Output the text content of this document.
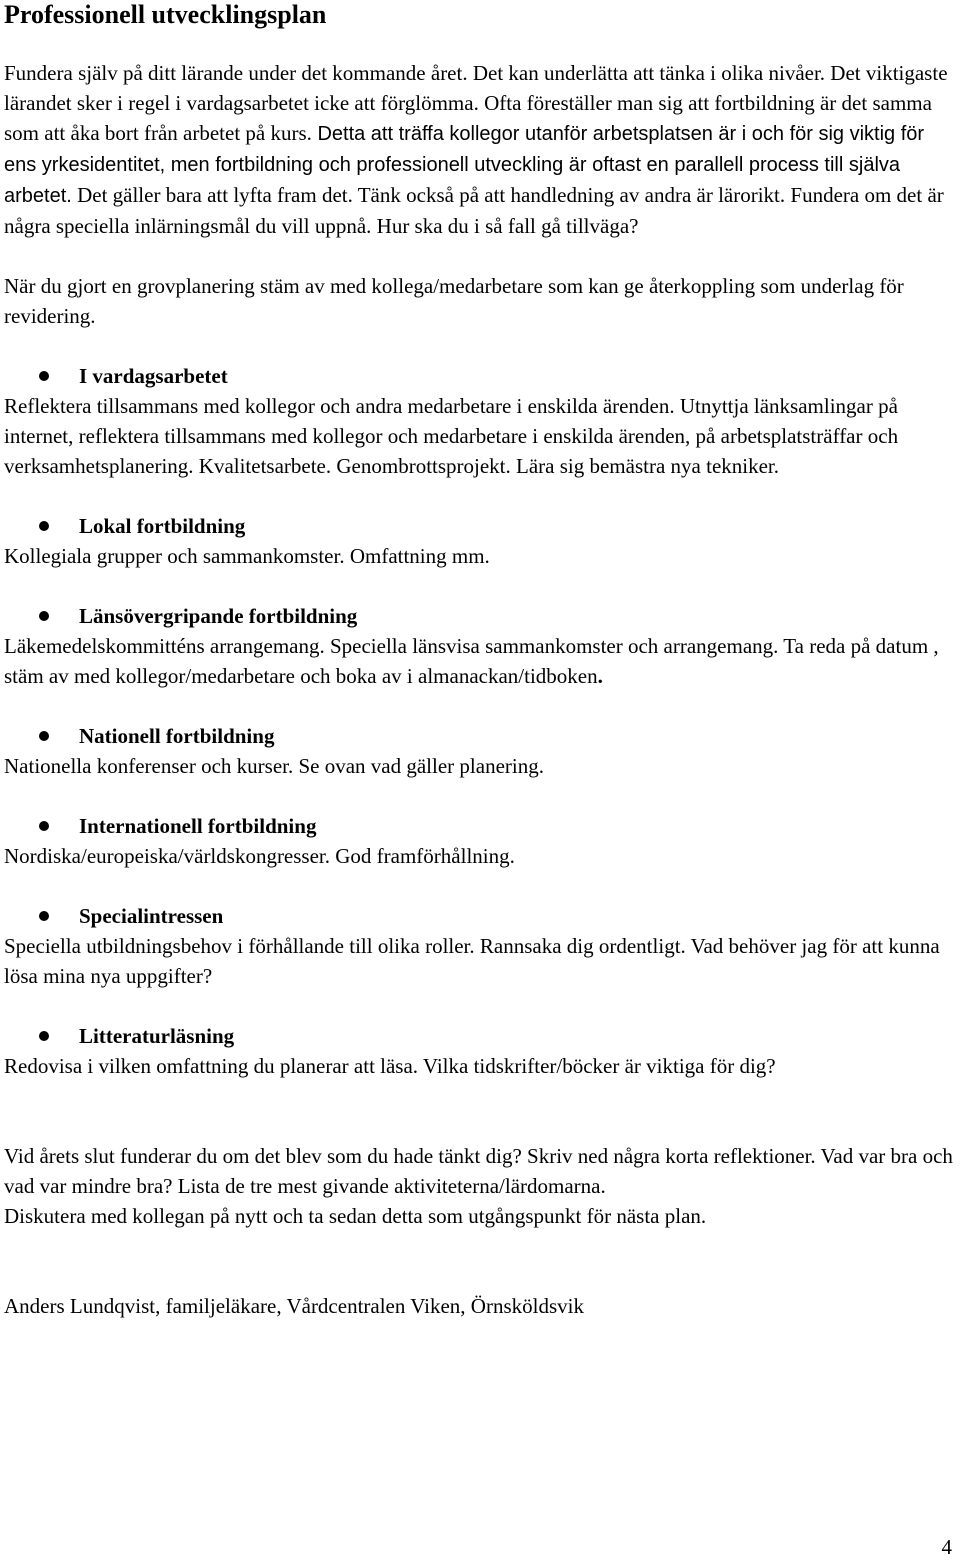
Professionell utvecklingsplan

Fundera själv på ditt lärande under det kommande året. Det kan underlätta att tänka i olika nivåer. Det viktigaste lärandet sker i regel i vardagsarbetet icke att förglömma. Ofta föreställer man sig att fortbildning är det samma som att åka bort från arbetet på kurs. Detta att träffa kollegor utanför arbetsplatsen är i och för sig viktig för ens yrkesidentitet, men fortbildning och professionell utveckling är oftast en parallell process till själva arbetet. Det gäller bara att lyfta fram det. Tänk också på att handledning av andra är lärorikt. Fundera om det är några speciella inlärningsmål du vill uppnå. Hur ska du i så fall gå tillväga?

När du gjort en grovplanering stäm av med kollega/medarbetare som kan ge återkoppling som underlag för revidering.

I vardagsarbetet

Reflektera tillsammans med kollegor och andra medarbetare i enskilda ärenden. Utnyttja länksamlingar på internet, reflektera tillsammans med kollegor och medarbetare i enskilda ärenden, på arbetsplatsträffar och verksamhetsplanering. Kvalitetsarbete. Genombrottsprojekt. Lära sig bemästra nya tekniker.

Lokal fortbildning

Kollegiala grupper och sammankomster. Omfattning mm.

Länsövergripande fortbildning

Läkemedelskommitténs arrangemang. Speciella länsvisa sammankomster och arrangemang. Ta reda på datum , stäm av med kollegor/medarbetare och boka av i almanackan/tidboken.

Nationell fortbildning

Nationella konferenser och kurser. Se ovan vad gäller planering.

Internationell fortbildning

Nordiska/europeiska/världskongresser. God framförhållning.

Specialintressen

Speciella utbildningsbehov i förhållande till olika roller. Rannsaka dig ordentligt. Vad behöver jag för att kunna lösa mina nya uppgifter?

Litteraturläsning

Redovisa i vilken omfattning du planerar att läsa. Vilka tidskrifter/böcker är viktiga för dig?

Vid årets slut funderar du om det blev som du hade tänkt dig? Skriv ned några korta reflektioner. Vad var bra och vad var mindre bra? Lista de tre mest givande aktiviteterna/lärdomarna.

Diskutera med kollegan på nytt och ta sedan detta som utgångspunkt för nästa plan.

Anders Lundqvist, familjeläkare, Vårdcentralen Viken, Örnsköldsvik

4
